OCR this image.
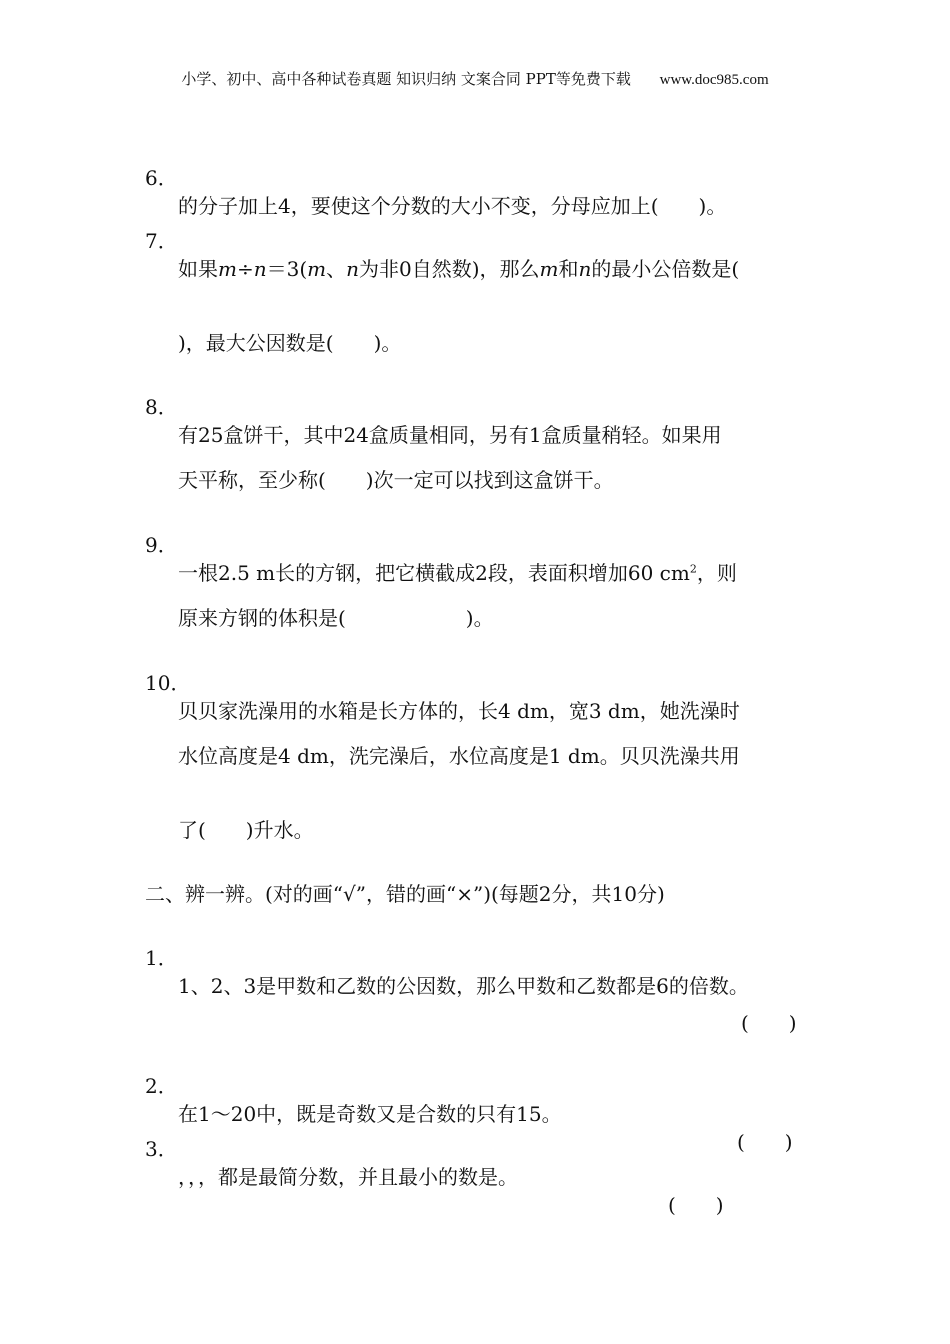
小学、初中、高中各种试卷真题 知识归纳 文案合同 PPT等免费下载 www.doc985.com

6．

的分子加上4，要使这个分数的大小不变，分母应加上(　　)。

7．

如果m÷n＝3(m、n为非0自然数)，那么m和n的最小公倍数是(

)，最大公因数是(　　)。

8．

有25盒饼干，其中24盒质量相同，另有1盒质量稍轻。如果用

天平称，至少称(　　)次一定可以找到这盒饼干。

9．

一根2.5 m长的方钢，把它横截成2段，表面积增加60 $cm^2$，则

原来方钢的体积是(　　　　　　)。

10．

贝贝家洗澡用的水箱是长方体的，长4 dm，宽3 dm，她洗澡时

水位高度是4 dm，洗完澡后，水位高度是1 dm。贝贝洗澡共用

了(　　)升水。

二、辨一辨。(对的画“√”，错的画“×”)(每题2分，共10分)

1．

1、2、3是甲数和乙数的公因数，那么甲数和乙数都是6的倍数。

(　　)

2．

在1～20中，既是奇数又是合数的只有15。

(　　)

3．

，，，都是最简分数，并且最小的数是。

(　　)
